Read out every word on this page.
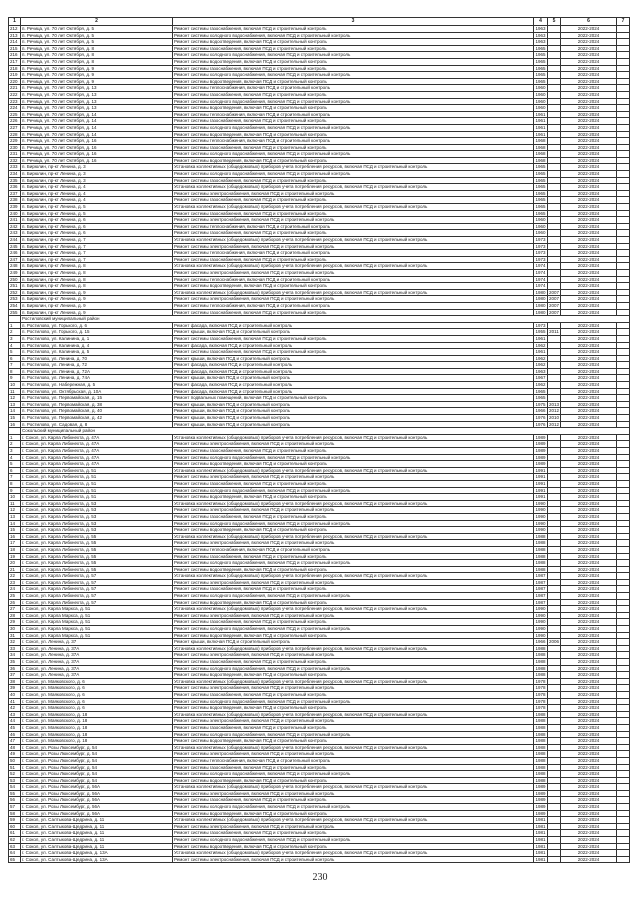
1	2	3	4	5	6	7
212	п. Речица, ул. 70 лет Октября, д. 5	Ремонт системы газоснабжения, включая ПСД и строительный контроль	1963		2022-2024	
213	п. Речица, ул. 70 лет Октября, д. 5	Ремонт системы холодного водоснабжения, включая ПСД и строительный контроль	1963		2022-2024	
214	п. Речица, ул. 70 лет Октября, д. 5	Ремонт системы водоотведения, включая ПСД и строительный контроль	1963		2022-2024	
215	п. Речица, ул. 70 лет Октября, д. 8	Ремонт системы газоснабжения, включая ПСД и строительный контроль	1965		2022-2024	
216	п. Речица, ул. 70 лет Октября, д. 8	Ремонт системы холодного водоснабжения, включая ПСД и строительный контроль	1965		2022-2024	
217	п. Речица, ул. 70 лет Октября, д. 8	Ремонт системы водоотведения, включая ПСД и строительный контроль	1965		2022-2024	
218	п. Речица, ул. 70 лет Октября, д. 9	Ремонт системы газоснабжения, включая ПСД и строительный контроль	1965		2022-2024	
219	п. Речица, ул. 70 лет Октября, д. 9	Ремонт системы холодного водоснабжения, включая ПСД и строительный контроль	1965		2022-2024	
220	п. Речица, ул. 70 лет Октября, д. 9	Ремонт системы водоотведения, включая ПСД и строительный контроль	1965		2022-2024	
221	п. Речица, ул. 70 лет Октября, д. 13	Ремонт системы теплоснабжения, включая ПСД и строительный контроль	1960		2022-2024	
222	п. Речица, ул. 70 лет Октября, д. 13	Ремонт системы газоснабжения, включая ПСД и строительный контроль	1960		2022-2024	
223	п. Речица, ул. 70 лет Октября, д. 13	Ремонт системы холодного водоснабжения, включая ПСД и строительный контроль	1960		2022-2024	
224	п. Речица, ул. 70 лет Октября, д. 13	Ремонт системы водоотведения, включая ПСД и строительный контроль	1960		2022-2024	
225	п. Речица, ул. 70 лет Октября, д. 14	Ремонт системы теплоснабжения, включая ПСД и строительный контроль	1961		2022-2024	
226	п. Речица, ул. 70 лет Октября, д. 14	Ремонт системы газоснабжения, включая ПСД и строительный контроль	1961		2022-2024	
227	п. Речица, ул. 70 лет Октября, д. 14	Ремонт системы холодного водоснабжения, включая ПСД и строительный контроль	1961		2022-2024	
228	п. Речица, ул. 70 лет Октября, д. 14	Ремонт системы водоотведения, включая ПСД и строительный контроль	1961		2022-2024	
229	п. Речица, ул. 70 лет Октября, д. 16	Ремонт системы теплоснабжения, включая ПСД и строительный контроль	1968		2022-2024	
230	п. Речица, ул. 70 лет Октября, д. 16	Ремонт системы газоснабжения, включая ПСД и строительный контроль	1968		2022-2024	
231	п. Речица, ул. 70 лет Октября, д. 16	Ремонт системы холодного водоснабжения, включая ПСД и строительный контроль	1968		2022-2024	
232	п. Речица, ул. 70 лет Октября, д. 16	Ремонт системы водоотведения, включая ПСД и строительный контроль	1968		2022-2024	
233	п. Бирюлин, пр-кт Ленина, д. 3	Установка коллективных (общедомовых) приборов учета потребления ресурсов, включая ПСД и строительный контроль	1965		2022-2024	
234	п. Бирюлин, пр-кт Ленина, д. 3	Ремонт системы холодного водоснабжения, включая ПСД и строительный контроль	1965		2022-2024	
235	п. Бирюлин, пр-кт Ленина, д. 3	Ремонт системы газоснабжения, включая ПСД и строительный контроль	1965		2022-2024	
236	п. Бирюлин, пр-кт Ленина, д. 4	Установка коллективных (общедомовых) приборов учета потребления ресурсов, включая ПСД и строительный контроль	1965		2022-2024	
237	п. Бирюлин, пр-кт Ленина, д. 4	Ремонт системы электроснабжения, включая ПСД и строительный контроль	1965		2022-2024	
238	п. Бирюлин, пр-кт Ленина, д. 4	Ремонт системы газоснабжения, включая ПСД и строительный контроль	1965		2022-2024	
239	п. Бирюлин, пр-кт Ленина, д. 5	Установка коллективных (общедомовых) приборов учета потребления ресурсов, включая ПСД и строительный контроль	1965		2022-2024	
240	п. Бирюлин, пр-кт Ленина, д. 5	Ремонт системы газоснабжения, включая ПСД и строительный контроль	1965		2022-2024	
241	п. Бирюлин, пр-кт Ленина, д. 6	Ремонт системы электроснабжения, включая ПСД и строительный контроль	1960		2022-2024	
242	п. Бирюлин, пр-кт Ленина, д. 6	Ремонт системы теплоснабжения, включая ПСД и строительный контроль	1960		2022-2024	
243	п. Бирюлин, пр-кт Ленина, д. 6	Ремонт системы газоснабжения, включая ПСД и строительный контроль	1960		2022-2024	
244	п. Бирюлин, пр-кт Ленина, д. 7	Установка коллективных (общедомовых) приборов учета потребления ресурсов, включая ПСД и строительный контроль	1973		2022-2024	
245	п. Бирюлин, пр-кт Ленина, д. 7	Ремонт системы электроснабжения, включая ПСД и строительный контроль	1973		2022-2024	
246	п. Бирюлин, пр-кт Ленина, д. 7	Ремонт системы теплоснабжения, включая ПСД и строительный контроль	1973		2022-2024	
247	п. Бирюлин, пр-кт Ленина, д. 7	Ремонт системы газоснабжения, включая ПСД и строительный контроль	1973		2022-2024	
248	п. Бирюлин, пр-кт Ленина, д. 8	Установка коллективных (общедомовых) приборов учета потребления ресурсов, включая ПСД и строительный контроль	1974		2022-2024	
249	п. Бирюлин, пр-кт Ленина, д. 8	Ремонт системы электроснабжения, включая ПСД и строительный контроль	1974		2022-2024	
250	п. Бирюлин, пр-кт Ленина, д. 8	Ремонт системы теплоснабжения, включая ПСД и строительный контроль	1974		2022-2024	
251	п. Бирюлин, пр-кт Ленина, д. 8	Ремонт системы водоотведения, включая ПСД и строительный контроль	1974		2022-2024	
252	п. Бирюлин, пр-кт Ленина, д. 9	Установка коллективных (общедомовых) приборов учета потребления ресурсов, включая ПСД и строительный контроль	1980	2007	2022-2024	
253	п. Бирюлин, пр-кт Ленина, д. 9	Ремонт системы электроснабжения, включая ПСД и строительный контроль	1980	2007	2022-2024	
254	п. Бирюлин, пр-кт Ленина, д. 9	Ремонт системы теплоснабжения, включая ПСД и строительный контроль	1980	2007	2022-2024	
255	п. Бирюлин, пр-кт Ленина, д. 9	Ремонт системы газоснабжения, включая ПСД и строительный контроль	1980	2007	2022-2024	
	Ростиловский муниципальный район					
1	п. Ростилово, ул. Горького, д. 6	Ремонт фасада, включая ПСД и строительный контроль	1973		2022-2024	
2	п. Ростилово, ул. Горького, д. 15	Ремонт крыши, включая ПСД и строительный контроль	1955	2011	2022-2024	
3	п. Ростилово, ул. Калинина, д. 1	Ремонт системы газоснабжения, включая ПСД и строительный контроль	1961		2022-2024	
4	п. Ростилово, ул. Калинина, д. 4	Ремонт фасада, включая ПСД и строительный контроль	1962		2022-2024	
5	п. Ростилово, ул. Калинина, д. 5	Ремонт системы газоснабжения, включая ПСД и строительный контроль	1961		2022-2024	
6	п. Ростилово, ул. Ленина, д. 70	Ремонт крыши, включая ПСД и строительный контроль	1962		2022-2024	
7	п. Ростилово, ул. Ленина, д. 72	Ремонт фасада, включая ПСД и строительный контроль	1962		2022-2024	
8	п. Ростилово, ул. Ленина, д. 72А	Ремонт фасада, включая ПСД и строительный контроль	1963		2022-2024	
9	п. Ростилово, ул. Ленина, д. 74А	Ремонт крыши, включая ПСД и строительный контроль	1967		2022-2024	
10	п. Ростилово, ул. Набережная, д. 5	Ремонт фасада, включая ПСД и строительный контроль	1962		2022-2024	
11	п. Ростилово, ул. Октябрьская, д. 10А	Ремонт фасада, включая ПСД и строительный контроль	1965		2022-2024	
12	п. Ростилово, ул. Первомайская, д. 15	Ремонт подвальных помещений, включая ПСД и строительный контроль	1965		2022-2024	
13	п. Ростилово, ул. Первомайская, д. 38	Ремонт крыши, включая ПСД и строительный контроль	1975	2013	2022-2024	
14	п. Ростилово, ул. Первомайская, д. 40	Ремонт крыши, включая ПСД и строительный контроль	1966	2012	2022-2024	
15	п. Ростилово, ул. Первомайская, д. 42	Ремонт крыши, включая ПСД и строительный контроль	1976	2010	2022-2024	
16	п. Ростилово, ул. Садовая, д. 8	Ремонт крыши, включая ПСД и строительный контроль	1976	2012	2022-2024	
	Сокольский муниципальный район					
1	г. Сокол, ул. Карла Либкнехта, д. 47А	Установка коллективных (общедомовых) приборов учета потребления ресурсов, включая ПСД и строительный контроль	1989		2022-2024	
2	г. Сокол, ул. Карла Либкнехта, д. 47А	Ремонт системы электроснабжения, включая ПСД и строительный контроль	1989		2022-2024	
3	г. Сокол, ул. Карла Либкнехта, д. 47А	Ремонт системы газоснабжения, включая ПСД и строительный контроль	1989		2022-2024	
4	г. Сокол, ул. Карла Либкнехта, д. 47А	Ремонт системы холодного водоснабжения, включая ПСД и строительный контроль	1989		2022-2024	
5	г. Сокол, ул. Карла Либкнехта, д. 47А	Ремонт системы водоотведения, включая ПСД и строительный контроль	1989		2022-2024	
6	г. Сокол, ул. Карла Либкнехта, д. 51	Установка коллективных (общедомовых) приборов учета потребления ресурсов, включая ПСД и строительный контроль	1991		2022-2024	
7	г. Сокол, ул. Карла Либкнехта, д. 51	Ремонт системы электроснабжения, включая ПСД и строительный контроль	1991		2022-2024	
8	г. Сокол, ул. Карла Либкнехта, д. 51	Ремонт системы газоснабжения, включая ПСД и строительный контроль	1991		2022-2024	
9	г. Сокол, ул. Карла Либкнехта, д. 51	Ремонт системы холодного водоснабжения, включая ПСД и строительный контроль	1991		2022-2024	
10	г. Сокол, ул. Карла Либкнехта, д. 51	Ремонт системы водоотведения, включая ПСД и строительный контроль	1991		2022-2024	
11	г. Сокол, ул. Карла Либкнехта, д. 53	Установка коллективных (общедомовых) приборов учета потребления ресурсов, включая ПСД и строительный контроль	1990		2022-2024	
12	г. Сокол, ул. Карла Либкнехта, д. 53	Ремонт системы электроснабжения, включая ПСД и строительный контроль	1990		2022-2024	
13	г. Сокол, ул. Карла Либкнехта, д. 53	Ремонт системы газоснабжения, включая ПСД и строительный контроль	1990		2022-2024	
14	г. Сокол, ул. Карла Либкнехта, д. 53	Ремонт системы холодного водоснабжения, включая ПСД и строительный контроль	1990		2022-2024	
15	г. Сокол, ул. Карла Либкнехта, д. 53	Ремонт системы водоотведения, включая ПСД и строительный контроль	1990		2022-2024	
16	г. Сокол, ул. Карла Либкнехта, д. 55	Установка коллективных (общедомовых) приборов учета потребления ресурсов, включая ПСД и строительный контроль	1988		2022-2024	
17	г. Сокол, ул. Карла Либкнехта, д. 55	Ремонт системы электроснабжения, включая ПСД и строительный контроль	1988		2022-2024	
18	г. Сокол, ул. Карла Либкнехта, д. 55	Ремонт системы теплоснабжения, включая ПСД и строительный контроль	1988		2022-2024	
19	г. Сокол, ул. Карла Либкнехта, д. 55	Ремонт системы газоснабжения, включая ПСД и строительный контроль	1988		2022-2024	
20	г. Сокол, ул. Карла Либкнехта, д. 55	Ремонт системы холодного водоснабжения, включая ПСД и строительный контроль	1988		2022-2024	
21	г. Сокол, ул. Карла Либкнехта, д. 55	Ремонт системы водоотведения, включая ПСД и строительный контроль	1988		2022-2024	
22	г. Сокол, ул. Карла Либкнехта, д. 57	Установка коллективных (общедомовых) приборов учета потребления ресурсов, включая ПСД и строительный контроль	1987		2022-2024	
23	г. Сокол, ул. Карла Либкнехта, д. 57	Ремонт системы электроснабжения, включая ПСД и строительный контроль	1987		2022-2024	
24	г. Сокол, ул. Карла Либкнехта, д. 57	Ремонт системы газоснабжения, включая ПСД и строительный контроль	1987		2022-2024	
25	г. Сокол, ул. Карла Либкнехта, д. 57	Ремонт системы холодного водоснабжения, включая ПСД и строительный контроль	1987		2022-2024	
26	г. Сокол, ул. Карла Либкнехта, д. 57	Ремонт системы водоотведения, включая ПСД и строительный контроль	1987		2022-2024	
27	г. Сокол, ул. Карла Маркса, д. 51	Установка коллективных (общедомовых) приборов учета потребления ресурсов, включая ПСД и строительный контроль	1990		2022-2024	
28	г. Сокол, ул. Карла Маркса, д. 51	Ремонт системы электроснабжения, включая ПСД и строительный контроль	1990		2022-2024	
29	г. Сокол, ул. Карла Маркса, д. 51	Ремонт системы газоснабжения, включая ПСД и строительный контроль	1990		2022-2024	
30	г. Сокол, ул. Карла Маркса, д. 51	Ремонт системы холодного водоснабжения, включая ПСД и строительный контроль	1990		2022-2024	
31	г. Сокол, ул. Карла Маркса, д. 51	Ремонт системы водоотведения, включая ПСД и строительный контроль	1990		2022-2024	
32	г. Сокол, ул. Ленина, д. 37	Ремонт крыши, включая ПСД и строительный контроль	1966	2006	2022-2024	
33	г. Сокол, ул. Ленина, д. 37А	Установка коллективных (общедомовых) приборов учета потребления ресурсов, включая ПСД и строительный контроль	1988		2022-2024	
34	г. Сокол, ул. Ленина, д. 37А	Ремонт системы электроснабжения, включая ПСД и строительный контроль	1988		2022-2024	
35	г. Сокол, ул. Ленина, д. 37А	Ремонт системы газоснабжения, включая ПСД и строительный контроль	1988		2022-2024	
36	г. Сокол, ул. Ленина, д. 37А	Ремонт системы холодного водоснабжения, включая ПСД и строительный контроль	1988		2022-2024	
37	г. Сокол, ул. Ленина, д. 37А	Ремонт системы водоотведения, включая ПСД и строительный контроль	1988		2022-2024	
38	г. Сокол, ул. Маяковского, д. 6	Установка коллективных (общедомовых) приборов учета потребления ресурсов, включая ПСД и строительный контроль	1978		2022-2024	
39	г. Сокол, ул. Маяковского, д. 6	Ремонт системы электроснабжения, включая ПСД и строительный контроль	1978		2022-2024	
40	г. Сокол, ул. Маяковского, д. 6	Ремонт системы газоснабжения, включая ПСД и строительный контроль	1978		2022-2024	
41	г. Сокол, ул. Маяковского, д. 6	Ремонт системы холодного водоснабжения, включая ПСД и строительный контроль	1978		2022-2024	
42	г. Сокол, ул. Маяковского, д. 6	Ремонт системы водоотведения, включая ПСД и строительный контроль	1978		2022-2024	
43	г. Сокол, ул. Маяковского, д. 18	Установка коллективных (общедомовых) приборов учета потребления ресурсов, включая ПСД и строительный контроль	1988		2022-2024	
44	г. Сокол, ул. Маяковского, д. 18	Ремонт системы электроснабжения, включая ПСД и строительный контроль	1988		2022-2024	
45	г. Сокол, ул. Маяковского, д. 18	Ремонт системы газоснабжения, включая ПСД и строительный контроль	1988		2022-2024	
46	г. Сокол, ул. Маяковского, д. 18	Ремонт системы холодного водоснабжения, включая ПСД и строительный контроль	1988		2022-2024	
47	г. Сокол, ул. Маяковского, д. 18	Ремонт системы водоотведения, включая ПСД и строительный контроль	1988		2022-2024	
48	г. Сокол, ул. Розы Люксембург, д. 54	Установка коллективных (общедомовых) приборов учета потребления ресурсов, включая ПСД и строительный контроль	1988		2022-2024	
49	г. Сокол, ул. Розы Люксембург, д. 54	Ремонт системы электроснабжения, включая ПСД и строительный контроль	1988		2022-2024	
50	г. Сокол, ул. Розы Люксембург, д. 54	Ремонт системы теплоснабжения, включая ПСД и строительный контроль	1988		2022-2024	
51	г. Сокол, ул. Розы Люксембург, д. 54	Ремонт системы газоснабжения, включая ПСД и строительный контроль	1988		2022-2024	
52	г. Сокол, ул. Розы Люксембург, д. 54	Ремонт системы холодного водоснабжения, включая ПСД и строительный контроль	1988		2022-2024	
53	г. Сокол, ул. Розы Люксембург, д. 54	Ремонт системы водоотведения, включая ПСД и строительный контроль	1988		2022-2024	
54	г. Сокол, ул. Розы Люксембург, д. 56А	Установка коллективных (общедомовых) приборов учета потребления ресурсов, включая ПСД и строительный контроль	1989		2022-2024	
55	г. Сокол, ул. Розы Люксембург, д. 56А	Ремонт системы электроснабжения, включая ПСД и строительный контроль	1989		2022-2024	
56	г. Сокол, ул. Розы Люксембург, д. 56А	Ремонт системы газоснабжения, включая ПСД и строительный контроль	1989		2022-2024	
57	г. Сокол, ул. Розы Люксембург, д. 56А	Ремонт системы холодного водоснабжения, включая ПСД и строительный контроль	1989		2022-2024	
58	г. Сокол, ул. Розы Люксембург, д. 56А	Ремонт системы водоотведения, включая ПСД и строительный контроль	1989		2022-2024	
59	г. Сокол, ул. Салтыкова-Щедрина, д. 11	Установка коллективных (общедомовых) приборов учета потребления ресурсов, включая ПСД и строительный контроль	1981		2022-2024	
60	г. Сокол, ул. Салтыкова-Щедрина, д. 11	Ремонт системы электроснабжения, включая ПСД и строительный контроль	1981		2022-2024	
61	г. Сокол, ул. Салтыкова-Щедрина, д. 11	Ремонт системы газоснабжения, включая ПСД и строительный контроль	1981		2022-2024	
62	г. Сокол, ул. Салтыкова-Щедрина, д. 11	Ремонт системы холодного водоснабжения, включая ПСД и строительный контроль	1981		2022-2024	
63	г. Сокол, ул. Салтыкова-Щедрина, д. 11	Ремонт системы водоотведения, включая ПСД и строительный контроль	1981		2022-2024	
64	г. Сокол, ул. Салтыкова-Щедрина, д. 13А	Установка коллективных (общедомовых) приборов учета потребления ресурсов, включая ПСД и строительный контроль	1981		2022-2024	
65	г. Сокол, ул. Салтыкова-Щедрина, д. 13А	Ремонт системы электроснабжения, включая ПСД и строительный контроль	1981		2022-2024	
230
